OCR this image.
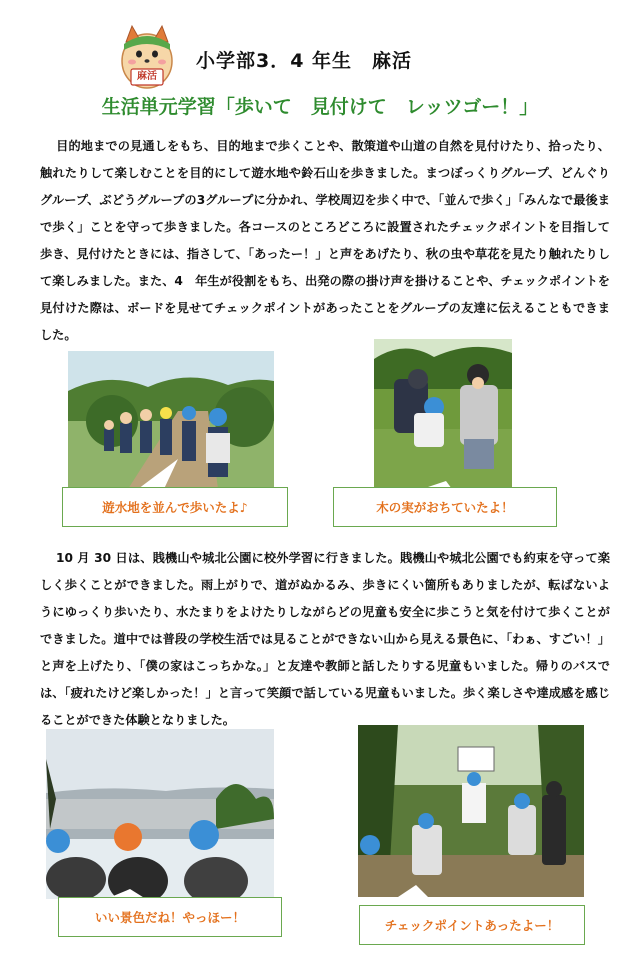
麻活
小学部3．4 年生　麻活
生活単元学習「歩いて　見付けて　レッツゴー！」
目的地までの見通しをもち、目的地まで歩くことや、散策道や山道の自然を見付けたり、拾ったり、触れたりして楽しむことを目的にして遊水地や鈴石山を歩きました。まつぼっくりグループ、どんぐりグループ、ぶどうグループの3グループに分かれ、学校周辺を歩く中で、「並んで歩く」「みんなで最後まで歩く」ことを守って歩きました。各コースのところどころに設置されたチェックポイントを目指して歩き、見付けたときには、指さして、「あったー！」と声をあげたり、秋の虫や草花を見たり触れたりして楽しみました。また、4　年生が役割をもち、出発の際の掛け声を掛けることや、チェックポイントを見付けた際は、ボードを見せてチェックポイントがあったことをグループの友達に伝えることもできました。
遊水地を並んで歩いたよ♪	木の実がおちていたよ！
10 月 30 日は、賎機山や城北公園に校外学習に行きました。賎機山や城北公園でも約束を守って楽しく歩くことができました。雨上がりで、道がぬかるみ、歩きにくい箇所もありましたが、転ばないようにゆっくり歩いたり、水たまりをよけたりしながらどの児童も安全に歩こうと気を付けて歩くことができました。道中では普段の学校生活では見ることができない山から見える景色に、「わぁ、すごい！」と声を上げたり、「僕の家はこっちかな。」と友達や教師と話したりする児童もいました。帰りのバスでは、「疲れたけど楽しかった！」と言って笑顔で話している児童もいました。歩く楽しさや達成感を感じることができた体験となりました。
いい景色だね！やっほー！
チェックポイントあったよー！
